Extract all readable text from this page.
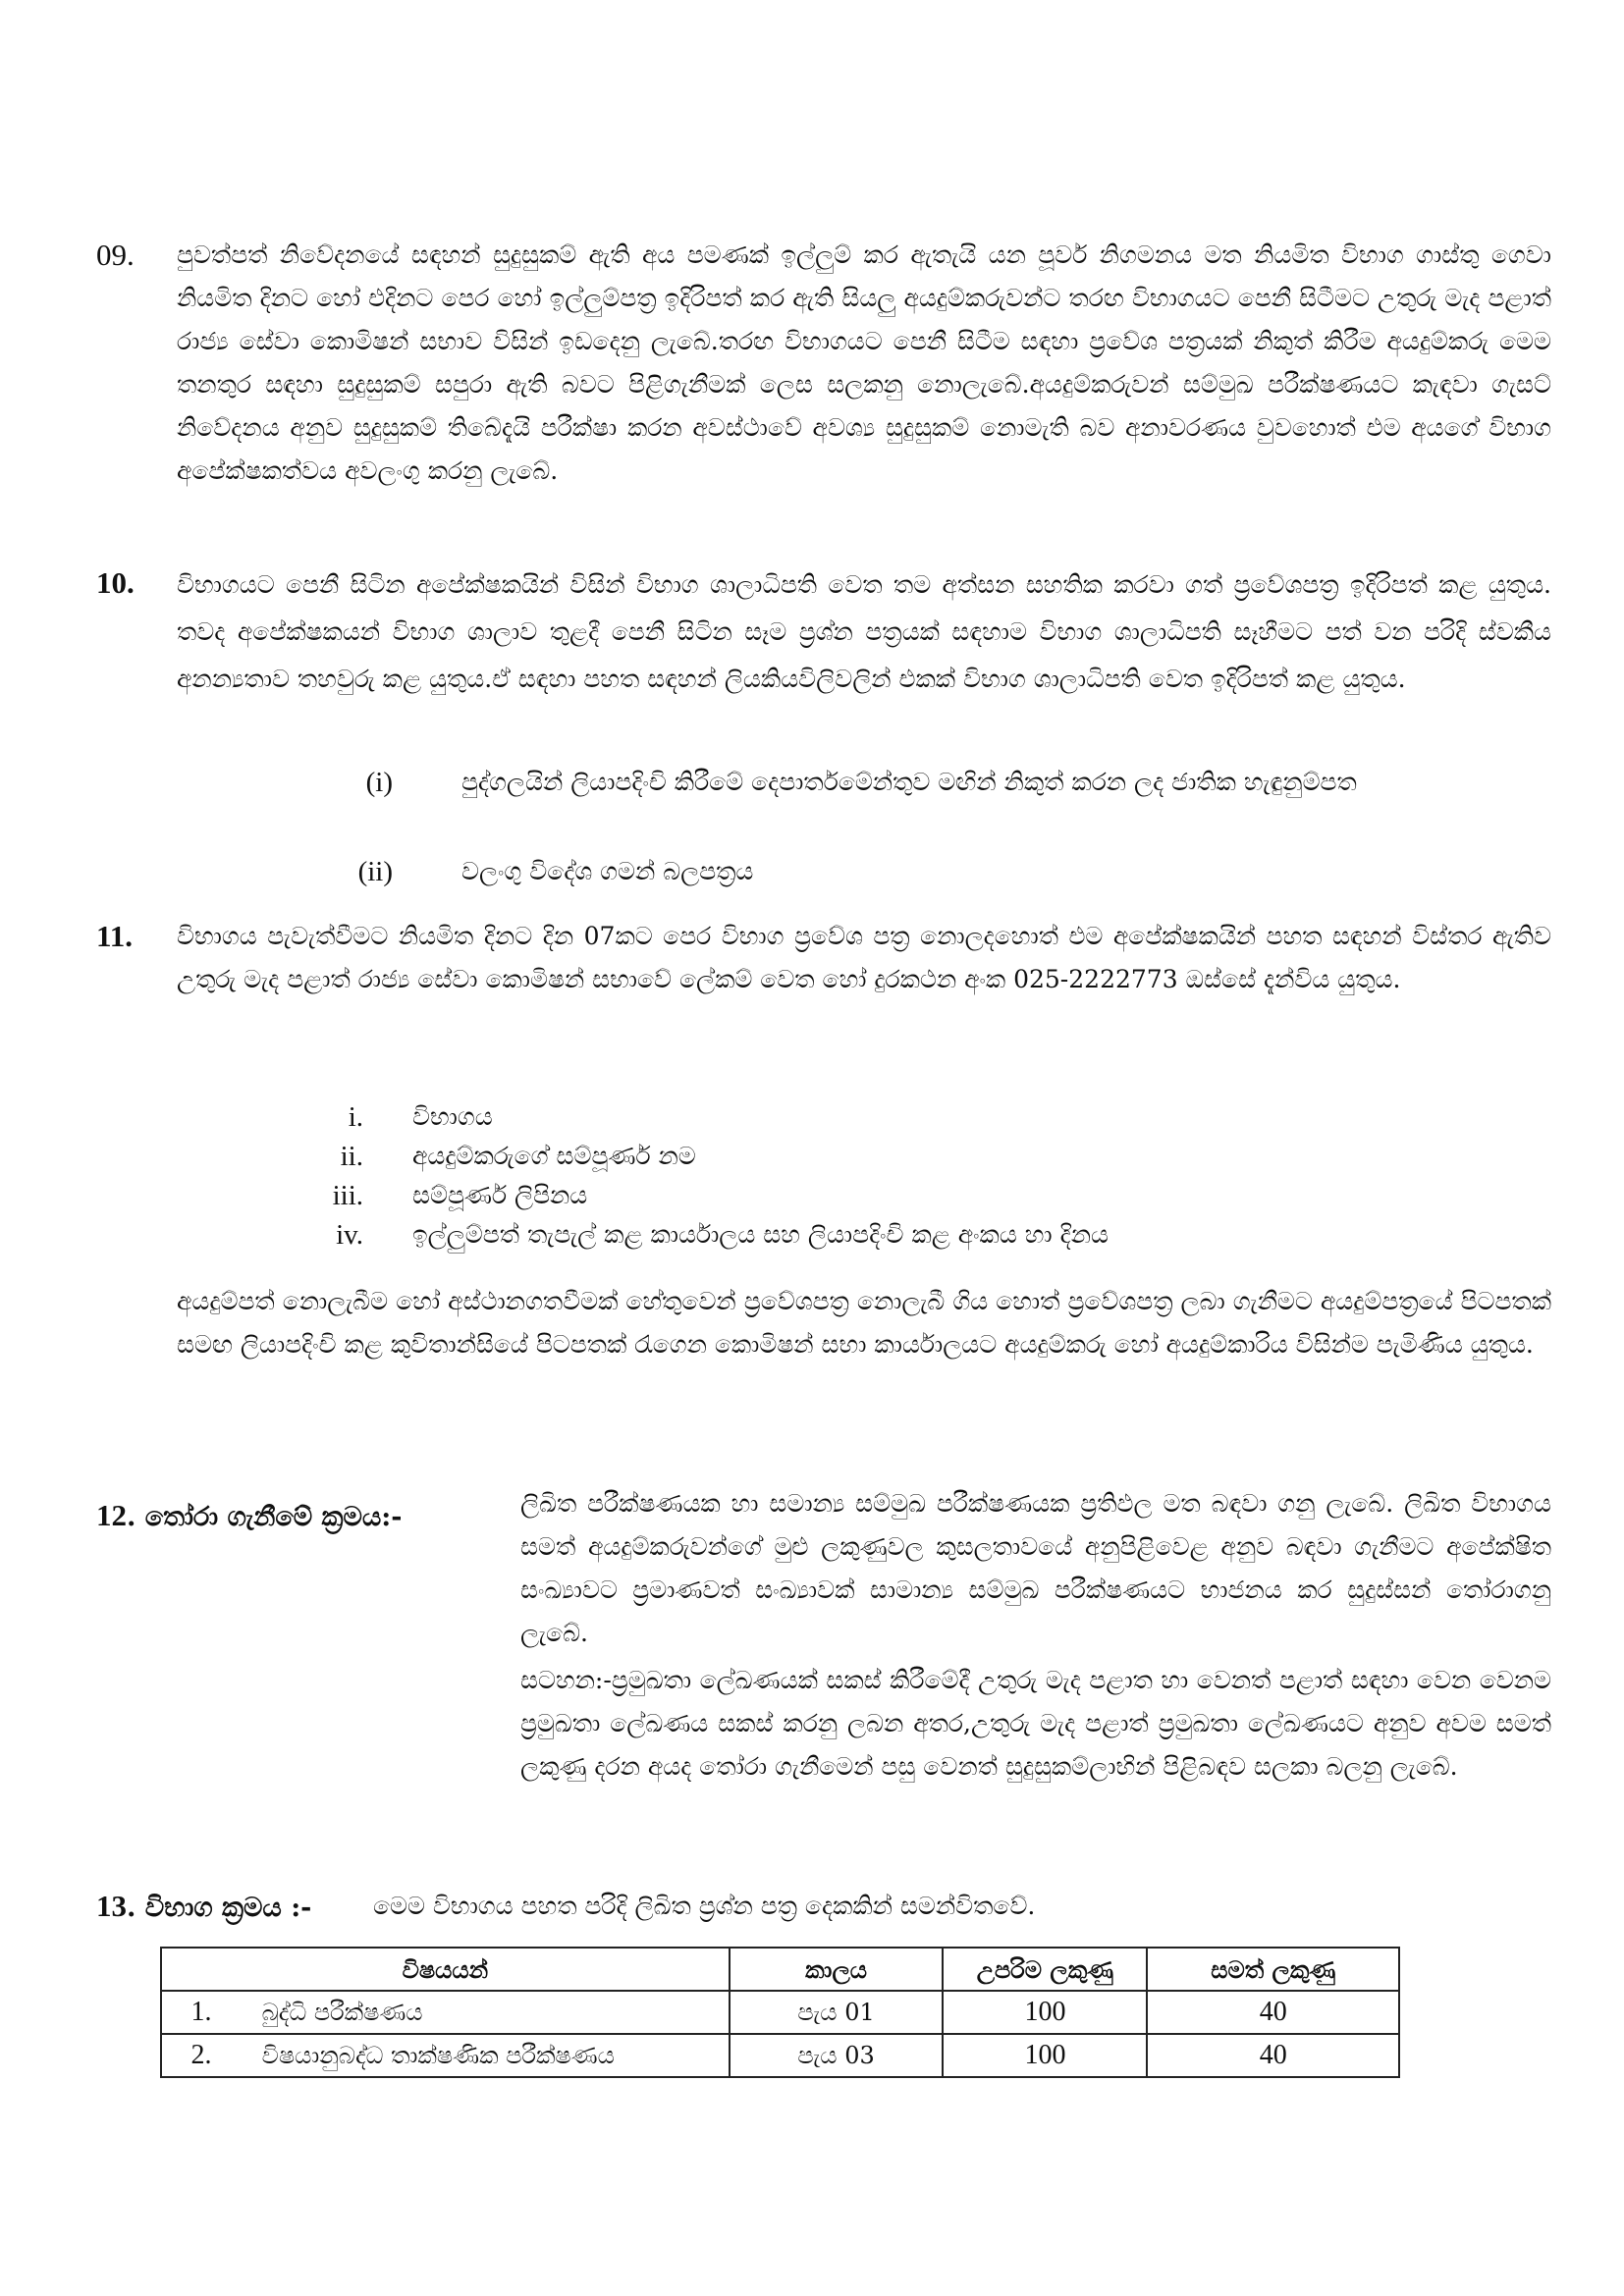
09. පුවත්පත් නිවේදනයේ සඳහන් සුදුසුකම් ඇති අය පමණක් ඉල්ලුම් කර ඇතැයි යන පූර්ව නිගමනය මත නියමිත විභාග ගාස්තු ගෙවා නියමිත දිනට හෝ එදිනට පෙර හෝ ඉල්ලුම්පත්‍ර ඉදිරිපත් කර ඇති සියලු අයදුම්කරුවන්ට තරඟ විභාගයට පෙනී සිටීමට උතුරු මැද පළාත් රාජ්‍ය සේවා කොමිෂන් සභාව විසින් ඉඩදෙනු ලැබේ.තරඟ විභාගයට පෙනී සිටීම සඳහා ප්‍රවේශ පත්‍රයක් නිකුත් කිරීම අයදුම්කරු මෙම තනතුර සඳහා සුදුසුකම් සපුරා ඇති බවට පිළිගැනීමක් ලෙස සලකනු නොලැබේ.අයදුම්කරුවන් සම්මුඛ පරීක්ෂණයට කැඳවා ගැසට් නිවේදනය අනුව සුදුසුකම් තිබේදැයි පරීක්ෂා කරන අවස්ථාවේ අවශ්‍ය සුදුසුකම් නොමැති බව අනාවරණය වුවහොත් එම අයගේ විභාග අපේක්ෂකත්වය අවලංගු කරනු ලැබේ.
10. විභාගයට පෙනී සිටින අපේක්ෂකයින් විසින් විභාග ශාලාධිපති වෙත තම අත්සන සහතික කරවා ගත් ප්‍රවේශපත්‍ර ඉදිරිපත් කළ යුතුය. තවද අපේක්ෂකයන් විභාග ශාලාව තුළදී පෙනී සිටින සෑම ප්‍රශ්න පත්‍රයක් සඳහාම විභාග ශාලාධිපති සෑහීමට පත් වන පරිදි ස්වකීය අනන්‍යතාව තහවුරු කළ යුතුය.ඒ සඳහා පහත සඳහන් ලියකියවිලිවලින් එකක් විභාග ශාලාධිපති වෙත ඉදිරිපත් කළ යුතුය.
(i)	පුද්ගලයින් ලියාපදිංචි කිරීමේ දෙපාර්තමේන්තුව මඟින් නිකුත් කරන ලද ජාතික හැඳුනුම්පත
(ii)	වලංගු විදේශ ගමන් බලපත්‍රය
11. විභාගය පැවැත්වීමට නියමිත දිනට දින 07කට පෙර විභාග ප්‍රවේශ පත්‍ර නොලදහොත් එම අපේක්ෂකයින් පහත සඳහන් විස්තර ඇතිව උතුරු මැද පළාත් රාජ්‍ය සේවා කොමිෂන් සභාවේ ලේකම් වෙත හෝ දුරකථන අංක 025-2222773 ඔස්සේ දැන්විය යුතුය.
i. විභාගය
ii. අයදුම්කරුගේ සම්පූර්ණ නම
iii. සම්පූර්ණ ලිපිනය
iv. ඉල්ලුම්පත් තැපැල් කළ කාර්යාලය සහ ලියාපදිංචි කළ අංකය හා දිනය
අයදුම්පත් නොලැබීම හෝ අස්ථානගතවීමක් හේතුවෙන් ප්‍රවේශපත්‍ර නොලැබී ගිය හොත් ප්‍රවේශපත්‍ර ලබා ගැනීමට අයදුම්පත්‍රයේ පිටපතක් සමඟ ලියාපදිංචි කළ කුවිතාන්සියේ පිටපතක් රැගෙන කොමිෂන් සභා කාර්යාලයට අයදුම්කරු හෝ අයදුම්කාරිය විසින්ම පැමිණිය යුතුය.
12. තෝරා ගැනීමේ ක්‍රමය:-	ලිඛිත පරීක්ෂණයක හා සමාන්‍ය සම්මුඛ පරීක්ෂණයක ප්‍රතිඵල මත බඳවා ගනු ලැබේ. ලිඛිත විභාගය සමත් අයදුම්කරුවන්ගේ මුළු ලකුණුවල කුසලතාවයේ අනුපිළිවෙළ අනුව බඳවා ගැනීමට අපේක්ෂිත සංඛ්‍යාවට ප්‍රමාණවත් සංඛ්‍යාවක් සාමාන්‍ය සම්මුඛ පරීක්ෂණයට භාජනය කර සුදුස්සන් තෝරාගනු ලැබේ.
සටහන:-ප්‍රමුඛතා ලේඛණයක් සකස් කිරීමේදී උතුරු මැද පළාත හා වෙනත් පළාත් සඳහා වෙන වෙනම ප්‍රමුඛතා ලේඛණය සකස් කරනු ලබන අතර,උතුරු මැද පළාත් ප්‍රමුඛතා ලේඛණයට අනුව අවම සමත් ලකුණු දරන අයද තෝරා ගැනීමෙන් පසු වෙනත් සුදුසුකම්ලාභින් පිළිබඳව සලකා බලනු ලැබේ.
13. විභාග ක්‍රමය :-	මෙම විභාගය පහත පරිදි ලිඛිත ප්‍රශ්න පත්‍ර දෙකකින් සමන්විතවේ.
විෂයයන්	කාලය	උපරිම ලකුණු	සමත් ලකුණු
1. බුද්ධි පරීක්ෂණය	පැය 01	100	40
2. විෂයානුබද්ධ තාක්ෂණික පරීක්ෂණය	පැය 03	100	40
